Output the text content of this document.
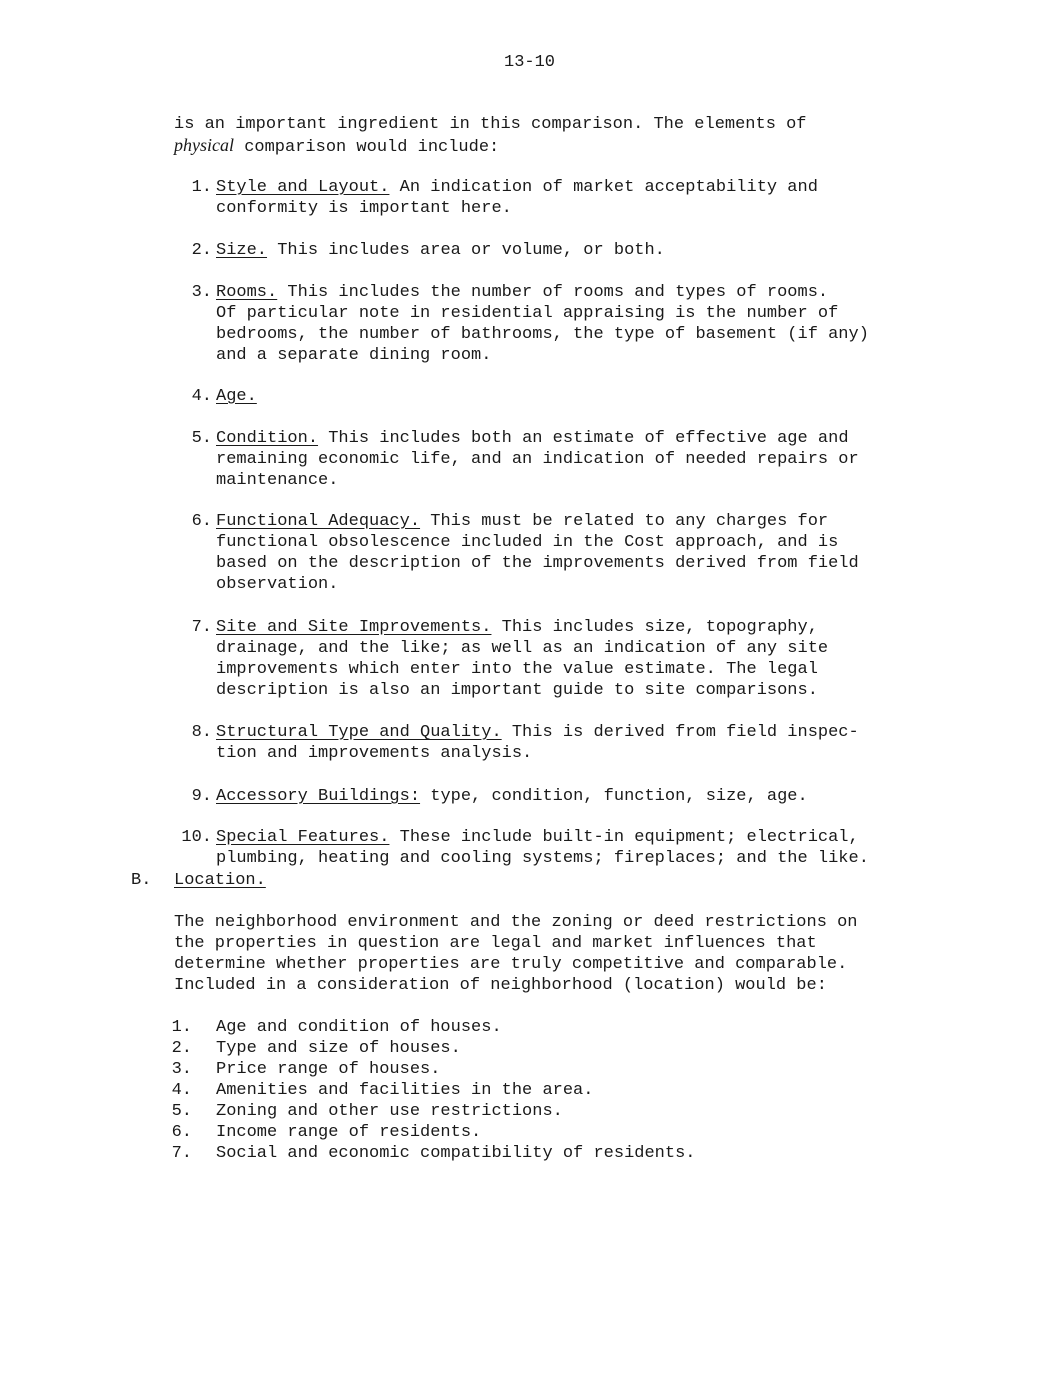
13-10
is an important ingredient in this comparison. The elements of
physical comparison would include:
1. Style and Layout. An indication of market acceptability and
conformity is important here.
2. Size. This includes area or volume, or both.
3. Rooms. This includes the number of rooms and types of rooms.
Of particular note in residential appraising is the number of
bedrooms, the number of bathrooms, the type of basement (if any)
and a separate dining room.
4. Age.
5. Condition. This includes both an estimate of effective age and
remaining economic life, and an indication of needed repairs or
maintenance.
6. Functional Adequacy. This must be related to any charges for
functional obsolescence included in the Cost approach, and is
based on the description of the improvements derived from field
observation.
7. Site and Site Improvements. This includes size, topography,
drainage, and the like; as well as an indication of any site
improvements which enter into the value estimate. The legal
description is also an important guide to site comparisons.
8. Structural Type and Quality. This is derived from field inspec-
tion and improvements analysis.
9. Accessory Buildings: type, condition, function, size, age.
10. Special Features. These include built-in equipment; electrical,
plumbing, heating and cooling systems; fireplaces; and the like.
B. Location.
The neighborhood environment and the zoning or deed restrictions on
the properties in question are legal and market influences that
determine whether properties are truly competitive and comparable.
Included in a consideration of neighborhood (location) would be:
1. Age and condition of houses.
2. Type and size of houses.
3. Price range of houses.
4. Amenities and facilities in the area.
5. Zoning and other use restrictions.
6. Income range of residents.
7. Social and economic compatibility of residents.
